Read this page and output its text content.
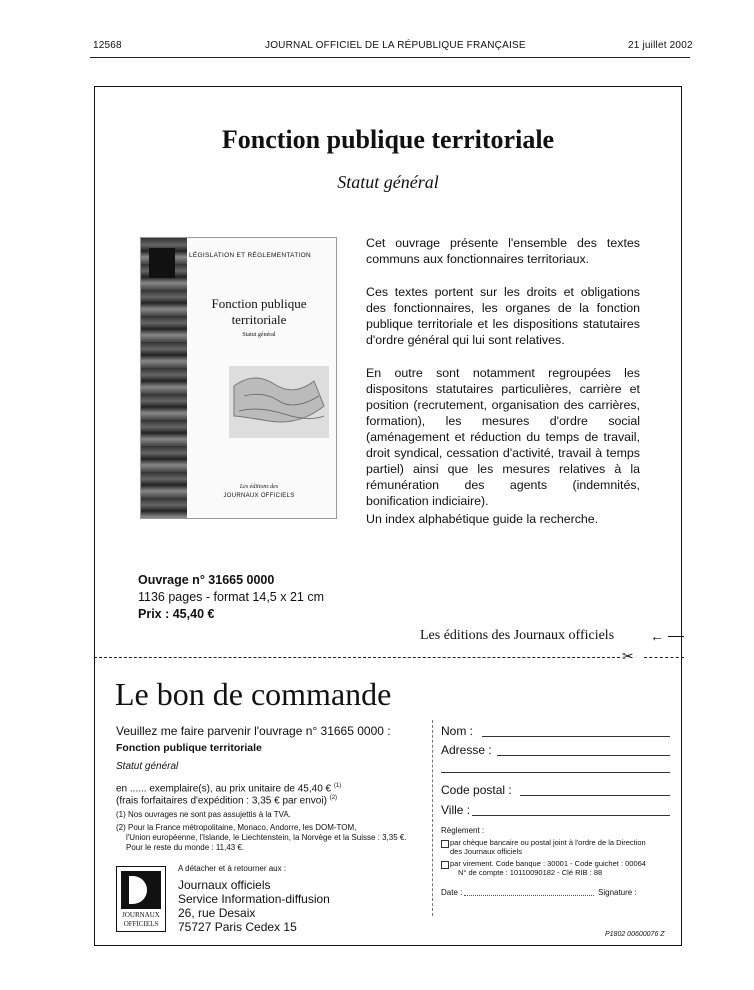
12568	JOURNAL OFFICIEL DE LA RÉPUBLIQUE FRANÇAISE	21 juillet 2002
Fonction publique territoriale
Statut général
LÉGISLATION ET RÉGLEMENTATION
Fonction publique
territoriale
Statut général
Les éditions des
JOURNAUX OFFICIELS
Cet ouvrage présente l'ensemble des textes communs aux fonctionnaires territoriaux.
Ces textes portent sur les droits et obligations des fonctionnaires, les organes de la fonction publique territoriale et les dispositions statutaires d'ordre général qui lui sont relatives.
En outre sont notamment regroupées les dispositons statutaires particulières, carrière et position (recrutement, organisation des carrières, formation), les mesures d'ordre social (aménagement et réduction du temps de travail, droit syndical, cessation d'activité, travail à temps partiel) ainsi que les mesures relatives à la rémunération des agents (indemnités, bonification indiciaire).
Un index alphabétique guide la recherche.
Ouvrage n° 31665 0000
1136 pages - format 14,5 x 21 cm
Prix : 45,40 €
Les éditions des Journaux officiels	←
✂
Le bon de commande
Veuillez me faire parvenir l'ouvrage n° 31665 0000 :
Fonction publique territoriale
Statut général
en ...... exemplaire(s), au prix unitaire de 45,40 € $^{(1)}$
(frais forfaitaires d'expédition : 3,35 € par envoi) $^{(2)}$
(1) Nos ouvrages ne sont pas assujettis à la TVA.
(2) Pour la France métropolitaine, Monaco, Andorre, les DOM-TOM,
l'Union européenne, l'Islande, le Liechtenstein, la Norvège et la Suisse : 3,35 €.
Pour le reste du monde : 11,43 €.
A détacher et à retourner aux :
JOURNAUX
OFFICIELS
Journaux officiels
Service Information-diffusion
26, rue Desaix
75727 Paris Cedex 15
Nom :
Adresse :
Code postal :
Ville :
Règlement :
par chèque bancaire ou postal joint à l'ordre de la Direction
des Journaux officiels
par virement. Code banque : 30001 - Code guichet : 00064
N° de compte : 10110090182 - Clé RIB : 88
Date :	Signature :
P1802 00600076 Z
